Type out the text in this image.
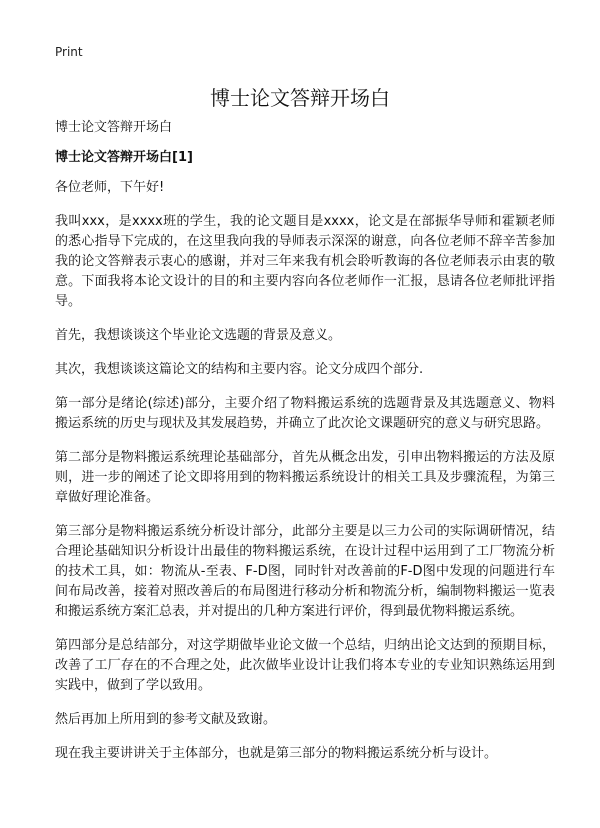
Print
博士论文答辩开场白

博士论文答辩开场白

博士论文答辩开场白[1]

各位老师，下午好!

我叫xxx，是xxxx班的学生，我的论文题目是xxxx，论文是在部振华导师和霍颖老师的悉心指导下完成的，在这里我向我的导师表示深深的谢意，向各位老师不辞辛苦参加我的论文答辩表示衷心的感谢，并对三年来我有机会聆听教诲的各位老师表示由衷的敬意。下面我将本论文设计的目的和主要内容向各位老师作一汇报，恳请各位老师批评指导。

首先，我想谈谈这个毕业论文选题的背景及意义。

其次，我想谈谈这篇论文的结构和主要内容。论文分成四个部分.

第一部分是绪论(综述)部分，主要介绍了物料搬运系统的选题背景及其选题意义、物料搬运系统的历史与现状及其发展趋势，并确立了此次论文课题研究的意义与研究思路。

第二部分是物料搬运系统理论基础部分，首先从概念出发，引申出物料搬运的方法及原则，进一步的阐述了论文即将用到的物料搬运系统设计的相关工具及步骤流程，为第三章做好理论准备。

第三部分是物料搬运系统分析设计部分，此部分主要是以三力公司的实际调研情况，结合理论基础知识分析设计出最佳的物料搬运系统，在设计过程中运用到了工厂物流分析的技术工具，如：物流从-至表、F-D图，同时针对改善前的F-D图中发现的问题进行车间布局改善，接着对照改善后的布局图进行移动分析和物流分析，编制物料搬运一览表和搬运系统方案汇总表，并对提出的几种方案进行评价，得到最优物料搬运系统。

第四部分是总结部分，对这学期做毕业论文做一个总结，归纳出论文达到的预期目标，改善了工厂存在的不合理之处，此次做毕业设计让我们将本专业的专业知识熟练运用到实践中，做到了学以致用。

然后再加上所用到的参考文献及致谢。

现在我主要讲讲关于主体部分，也就是第三部分的物料搬运系统分析与设计。
